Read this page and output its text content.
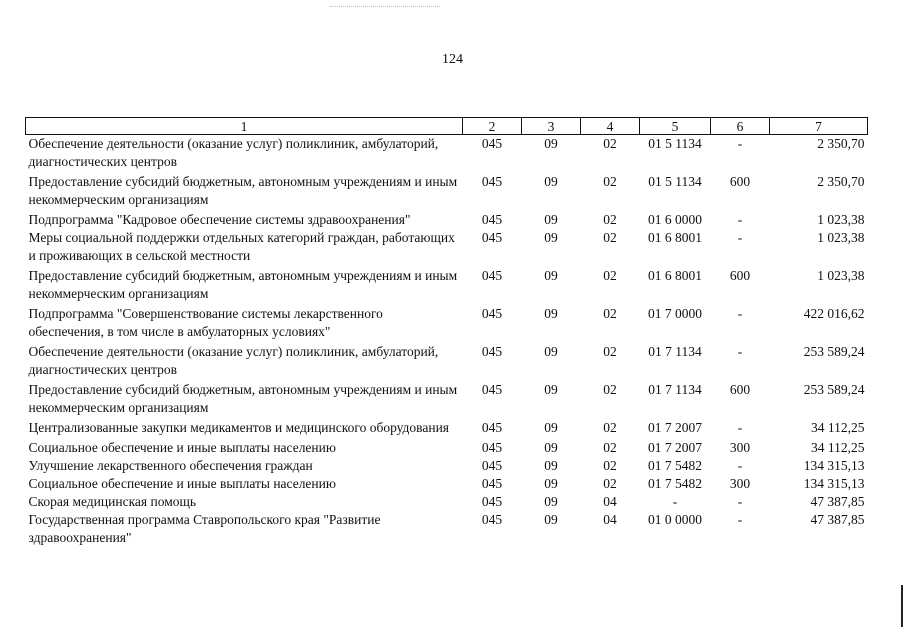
124
1	2	3	4	5	6	7
Обеспечение деятельности (оказание услуг) поликлиник, амбулаторий, диагностических центров	045	09	02	01 5 1134	-	2 350,70
Предоставление субсидий бюджетным, автономным учреждениям и иным некоммерческим организациям	045	09	02	01 5 1134	600	2 350,70
Подпрограмма "Кадровое обеспечение системы здравоохранения"	045	09	02	01 6 0000	-	1 023,38
Меры социальной поддержки отдельных категорий граждан, работающих и проживающих в сельской местности	045	09	02	01 6 8001	-	1 023,38
Предоставление субсидий бюджетным, автономным учреждениям и иным некоммерческим организациям	045	09	02	01 6 8001	600	1 023,38
Подпрограмма "Совершенствование системы лекарственного обеспечения, в том числе в амбулаторных условиях"	045	09	02	01 7 0000	-	422 016,62
Обеспечение деятельности (оказание услуг) поликлиник, амбулаторий, диагностических центров	045	09	02	01 7 1134	-	253 589,24
Предоставление субсидий бюджетным, автономным учреждениям и иным некоммерческим организациям	045	09	02	01 7 1134	600	253 589,24
Централизованные закупки медикаментов и медицинского оборудования	045	09	02	01 7 2007	-	34 112,25
Социальное обеспечение и иные выплаты населению	045	09	02	01 7 2007	300	34 112,25
Улучшение лекарственного обеспечения граждан	045	09	02	01 7 5482	-	134 315,13
Социальное обеспечение и иные выплаты населению	045	09	02	01 7 5482	300	134 315,13
Скорая медицинская помощь	045	09	04	-	-	47 387,85
Государственная программа Ставропольского края "Развитие здравоохранения"	045	09	04	01 0 0000	-	47 387,85
